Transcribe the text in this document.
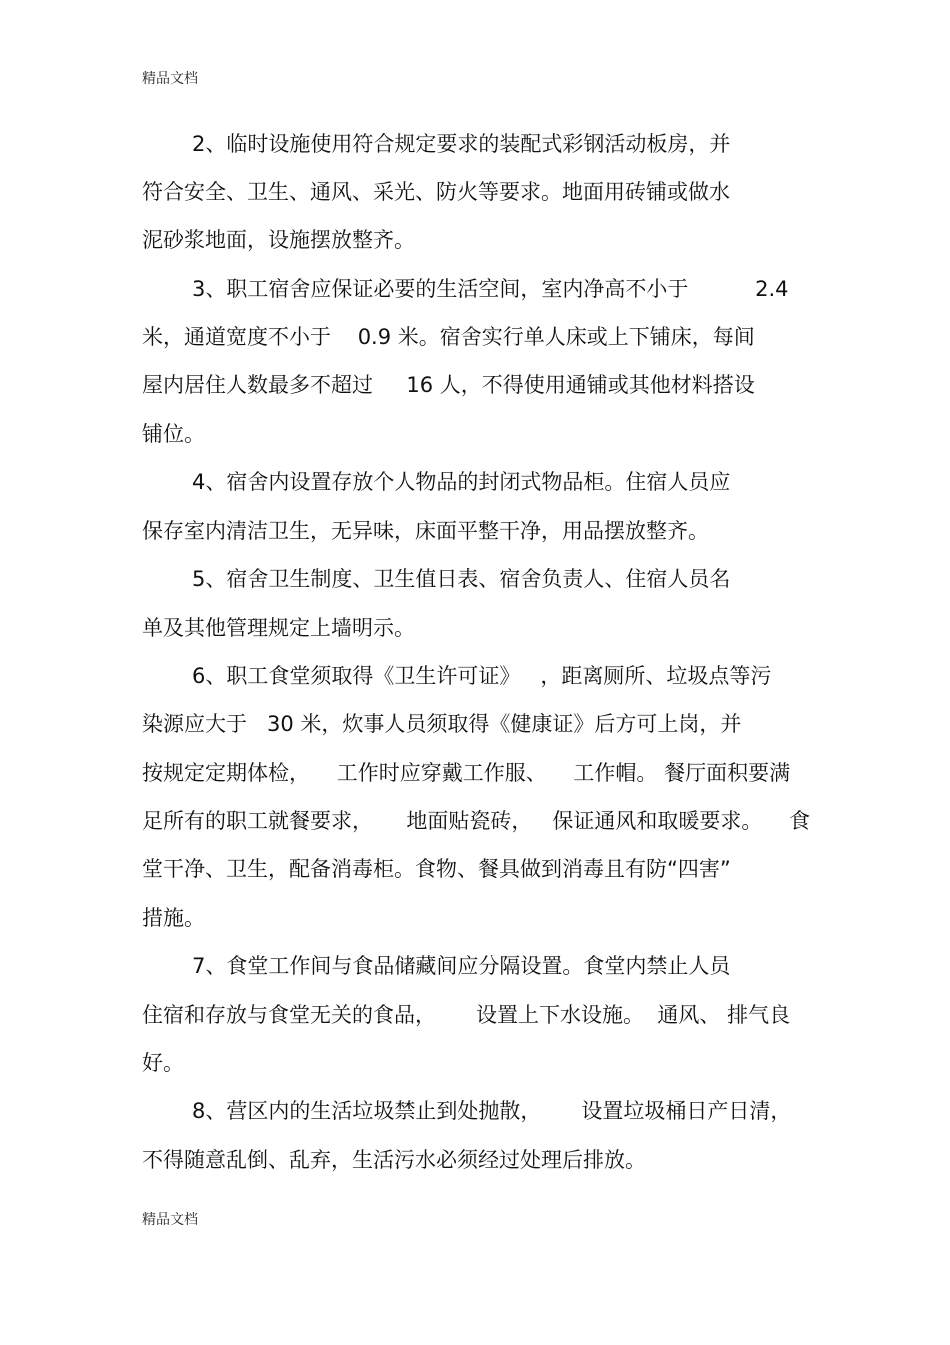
精品文档
2、临时设施使用符合规定要求的装配式彩钢活动板房，并
符合安全、卫生、通风、采光、防火等要求。地面用砖铺或做水
泥砂浆地面，设施摆放整齐。
3、职工宿舍应保证必要的生活空间，室内净高不小于          2.4
米，通道宽度不小于    0.9 米。宿舍实行单人床或上下铺床，每间
屋内居住人数最多不超过     16 人，不得使用通铺或其他材料搭设
铺位。
4、宿舍内设置存放个人物品的封闭式物品柜。住宿人员应
保存室内清洁卫生，无异味，床面平整干净，用品摆放整齐。
5、宿舍卫生制度、卫生值日表、宿舍负责人、住宿人员名
单及其他管理规定上墙明示。
6、职工食堂须取得《卫生许可证》   ，距离厕所、垃圾点等污
染源应大于   30 米，炊事人员须取得《健康证》后方可上岗，并
按规定定期体检，    工作时应穿戴工作服、    工作帽。 餐厅面积要满
足所有的职工就餐要求，     地面贴瓷砖，   保证通风和取暖要求。    食
堂干净、卫生，配备消毒柜。食物、餐具做到消毒且有防“四害”
措施。
7、食堂工作间与食品储藏间应分隔设置。食堂内禁止人员
住宿和存放与食堂无关的食品，      设置上下水设施。  通风、 排气良
好。
8、营区内的生活垃圾禁止到处抛散，      设置垃圾桶日产日清，
不得随意乱倒、乱弃，生活污水必须经过处理后排放。
精品文档
